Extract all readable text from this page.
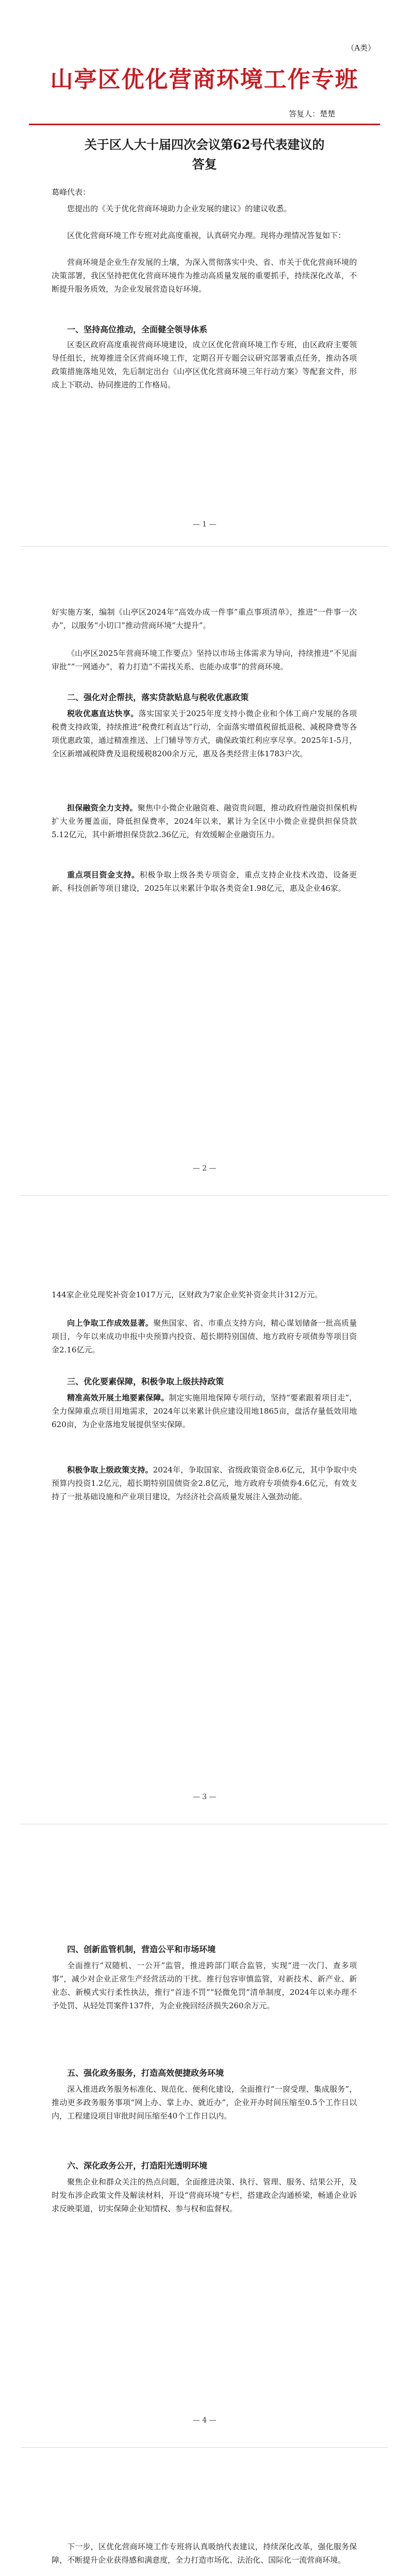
（A类）
山亭区优化营商环境工作专班
答复人：楚楚
关于区人大十届四次会议第62号代表建议的
答复
葛峰代表：

您提出的《关于优化营商环境助力企业发展的建议》的建议收悉。

区优化营商环境工作专班对此高度重视，认真研究办理。现将办理情况答复如下：

营商环境是企业生存发展的土壤，为深入贯彻落实中央、省、市关于优化营商环境的决策部署，我区坚持把优化营商环境作为推动高质量发展的重要抓手，持续深化改革，不断提升服务质效，为企业发展营造良好环境。

一、坚持高位推动，全面健全领导体系

区委区政府高度重视营商环境建设，成立区优化营商环境工作专班，由区政府主要领导任组长，统筹推进全区营商环境工作，定期召开专题会议研究部署重点任务，推动各项政策措施落地见效，先后制定出台《山亭区优化营商环境三年行动方案》等配套文件，形成上下联动、协同推进的工作格局。

— 1 —

好实施方案，编制《山亭区2024年“高效办成一件事”重点事项清单》，推进“一件事一次办”，以服务“小切口”推动营商环境“大提升”。

《山亭区2025年营商环境工作要点》坚持以市场主体需求为导向，持续推进“不见面审批”“一网通办”，着力打造“不需找关系、也能办成事”的营商环境。

二、强化对企帮扶，落实贷款贴息与税收优惠政策

税收优惠直达快享。落实国家关于2025年度支持小微企业和个体工商户发展的各项税费支持政策，持续推进“税费红利直达”行动，全面落实增值税留抵退税、减税降费等各项优惠政策，通过精准推送、上门辅导等方式，确保政策红利应享尽享。2025年1-5月，全区新增减税降费及退税缓税8200余万元，惠及各类经营主体1783户次。

担保融资全力支持。聚焦中小微企业融资难、融资贵问题，推动政府性融资担保机构扩大业务覆盖面，降低担保费率，2024年以来，累计为全区中小微企业提供担保贷款5.12亿元，其中新增担保贷款2.36亿元，有效缓解企业融资压力。

重点项目资金支持。积极争取上级各类专项资金，重点支持企业技术改造、设备更新、科技创新等项目建设，2025年以来累计争取各类资金1.98亿元，惠及企业46家。

— 2 —

144家企业兑现奖补资金1017万元，区财政为7家企业奖补资金共计312万元。

向上争取工作成效显著。聚焦国家、省、市重点支持方向，精心谋划储备一批高质量项目，今年以来成功申报中央预算内投资、超长期特别国债、地方政府专项债券等项目资金2.16亿元。

三、优化要素保障，积极争取上级扶持政策

精准高效开展土地要素保障。制定实施用地保障专项行动，坚持“要素跟着项目走”，全力保障重点项目用地需求，2024年以来累计供应建设用地1865亩，盘活存量低效用地620亩，为企业落地发展提供坚实保障。

积极争取上级政策支持。2024年，争取国家、省级政策资金8.6亿元，其中争取中央预算内投资1.2亿元，超长期特别国债资金2.8亿元，地方政府专项债券4.6亿元，有效支持了一批基础设施和产业项目建设，为经济社会高质量发展注入强劲动能。

— 3 —
四、创新监管机制，营造公平和市场环境

全面推行“双随机、一公开”监管，推进跨部门联合监管，实现“进一次门、查多项事”，减少对企业正常生产经营活动的干扰。推行包容审慎监管，对新技术、新产业、新业态、新模式实行柔性执法，推行“首违不罚”“轻微免罚”清单制度，2024年以来办理不予处罚、从轻处罚案件137件，为企业挽回经济损失260余万元。

五、强化政务服务，打造高效便捷政务环境

深入推进政务服务标准化、规范化、便利化建设，全面推行“一窗受理、集成服务”，推动更多政务服务事项“网上办、掌上办、就近办”，企业开办时间压缩至0.5个工作日以内，工程建设项目审批时间压缩至40个工作日以内。

六、深化政务公开，打造阳光透明环境

聚焦企业和群众关注的热点问题，全面推进决策、执行、管理、服务、结果公开，及时发布涉企政策文件及解读材料，开设“营商环境”专栏，搭建政企沟通桥梁，畅通企业诉求反映渠道，切实保障企业知情权、参与权和监督权。

— 4 —

下一步，区优化营商环境工作专班将认真吸纳代表建议，持续深化改革，强化服务保障，不断提升企业获得感和满意度，全力打造市场化、法治化、国际化一流营商环境。
